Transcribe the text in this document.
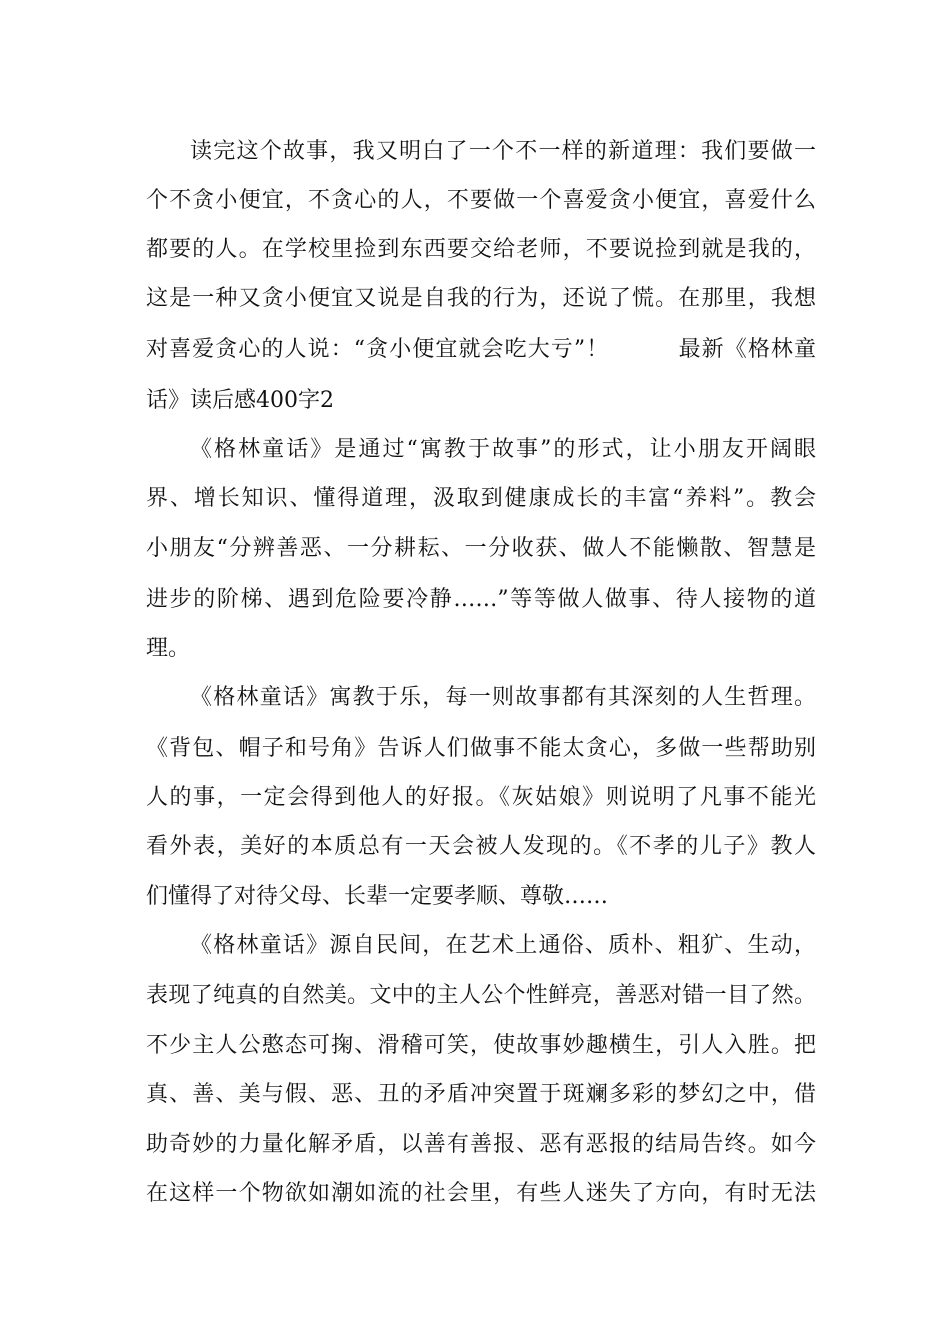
读完这个故事，我又明白了一个不一样的新道理：我们要做一
个不贪小便宜，不贪心的人，不要做一个喜爱贪小便宜，喜爱什么
都要的人。在学校里捡到东西要交给老师，不要说捡到就是我的，
这是一种又贪小便宜又说是自我的行为，还说了慌。在那里，我想
对喜爱贪心的人说：“贪小便宜就会吃大亏”！　　　最新《格林童
话》读后感400字2
《格林童话》是通过“寓教于故事”的形式，让小朋友开阔眼
界、增长知识、懂得道理，汲取到健康成长的丰富“养料”。教会
小朋友“分辨善恶、一分耕耘、一分收获、做人不能懒散、智慧是
进步的阶梯、遇到危险要冷静……”等等做人做事、待人接物的道
理。
《格林童话》寓教于乐，每一则故事都有其深刻的人生哲理。
《背包、帽子和号角》告诉人们做事不能太贪心，多做一些帮助别
人的事，一定会得到他人的好报。《灰姑娘》则说明了凡事不能光
看外表，美好的本质总有一天会被人发现的。《不孝的儿子》教人
们懂得了对待父母、长辈一定要孝顺、尊敬……
《格林童话》源自民间，在艺术上通俗、质朴、粗犷、生动，
表现了纯真的自然美。文中的主人公个性鲜亮，善恶对错一目了然。
不少主人公憨态可掬、滑稽可笑，使故事妙趣横生，引人入胜。把
真、善、美与假、恶、丑的矛盾冲突置于斑斓多彩的梦幻之中，借
助奇妙的力量化解矛盾，以善有善报、恶有恶报的结局告终。如今
在这样一个物欲如潮如流的社会里，有些人迷失了方向，有时无法
